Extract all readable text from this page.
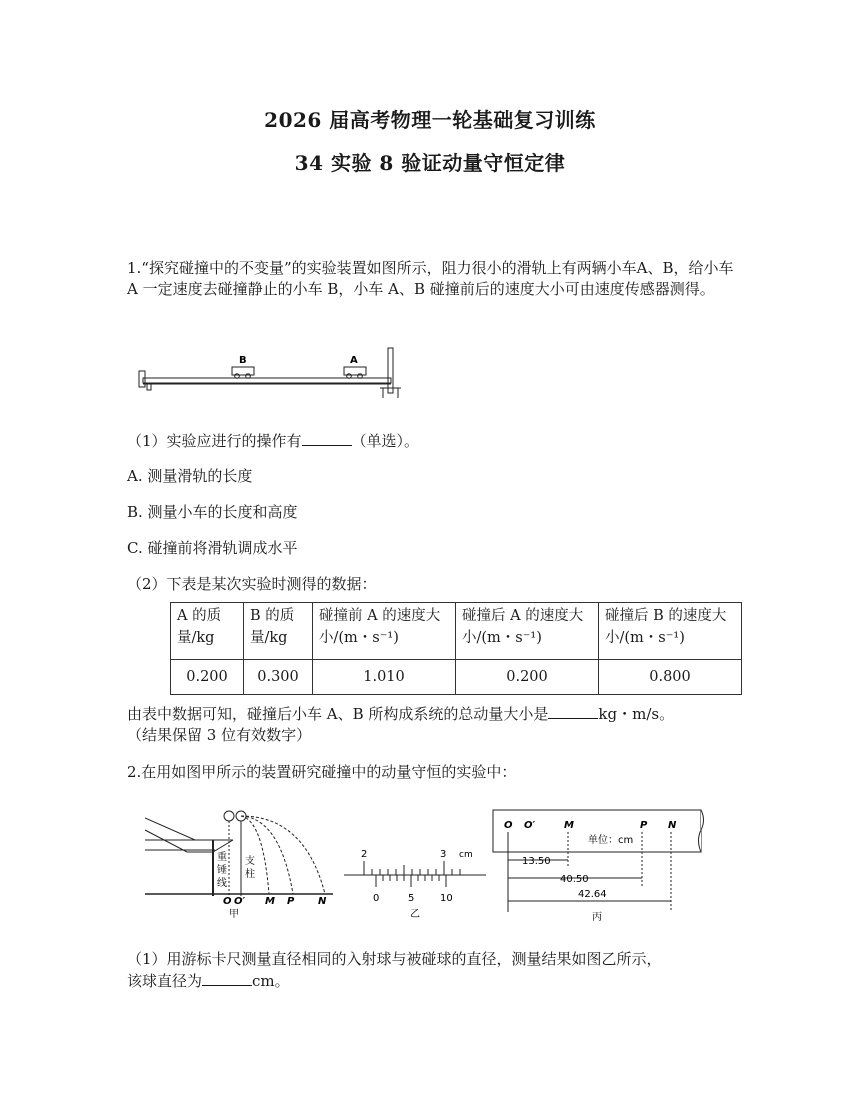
2026 届高考物理一轮基础复习训练
34 实验 8 验证动量守恒定律
1.“探究碰撞中的不变量”的实验装置如图所示，阻力很小的滑轨上有两辆小车A、B，给小车 A 一定速度去碰撞静止的小车 B，小车 A、B 碰撞前后的速度大小可由速度传感器测得。
B	A
（1）实验应进行的操作有	（单选）。
A. 测量滑轨的长度
B. 测量小车的长度和高度
C. 碰撞前将滑轨调成水平
（2）下表是某次实验时测得的数据：
A 的质量/kg	B 的质量/kg	碰撞前 A 的速度大小/(m・s⁻¹)	碰撞后 A 的速度大小/(m・s⁻¹)	碰撞后 B 的速度大小/(m・s⁻¹)
0.200	0.300	1.010	0.200	0.800
由表中数据可知，碰撞后小车 A、B 所构成系统的总动量大小是	kg・m/s。
（结果保留 3 位有效数字）
2.在用如图甲所示的装置研究碰撞中的动量守恒的实验中：
重锤线
支柱
O O′ M P N
甲
2	3 cm
0	5	10
乙
O O′	M	P N
单位：cm
13.50
40.50
42.64
丙
（1）用游标卡尺测量直径相同的入射球与被碰球的直径，测量结果如图乙所示，
该球直径为	cm。
